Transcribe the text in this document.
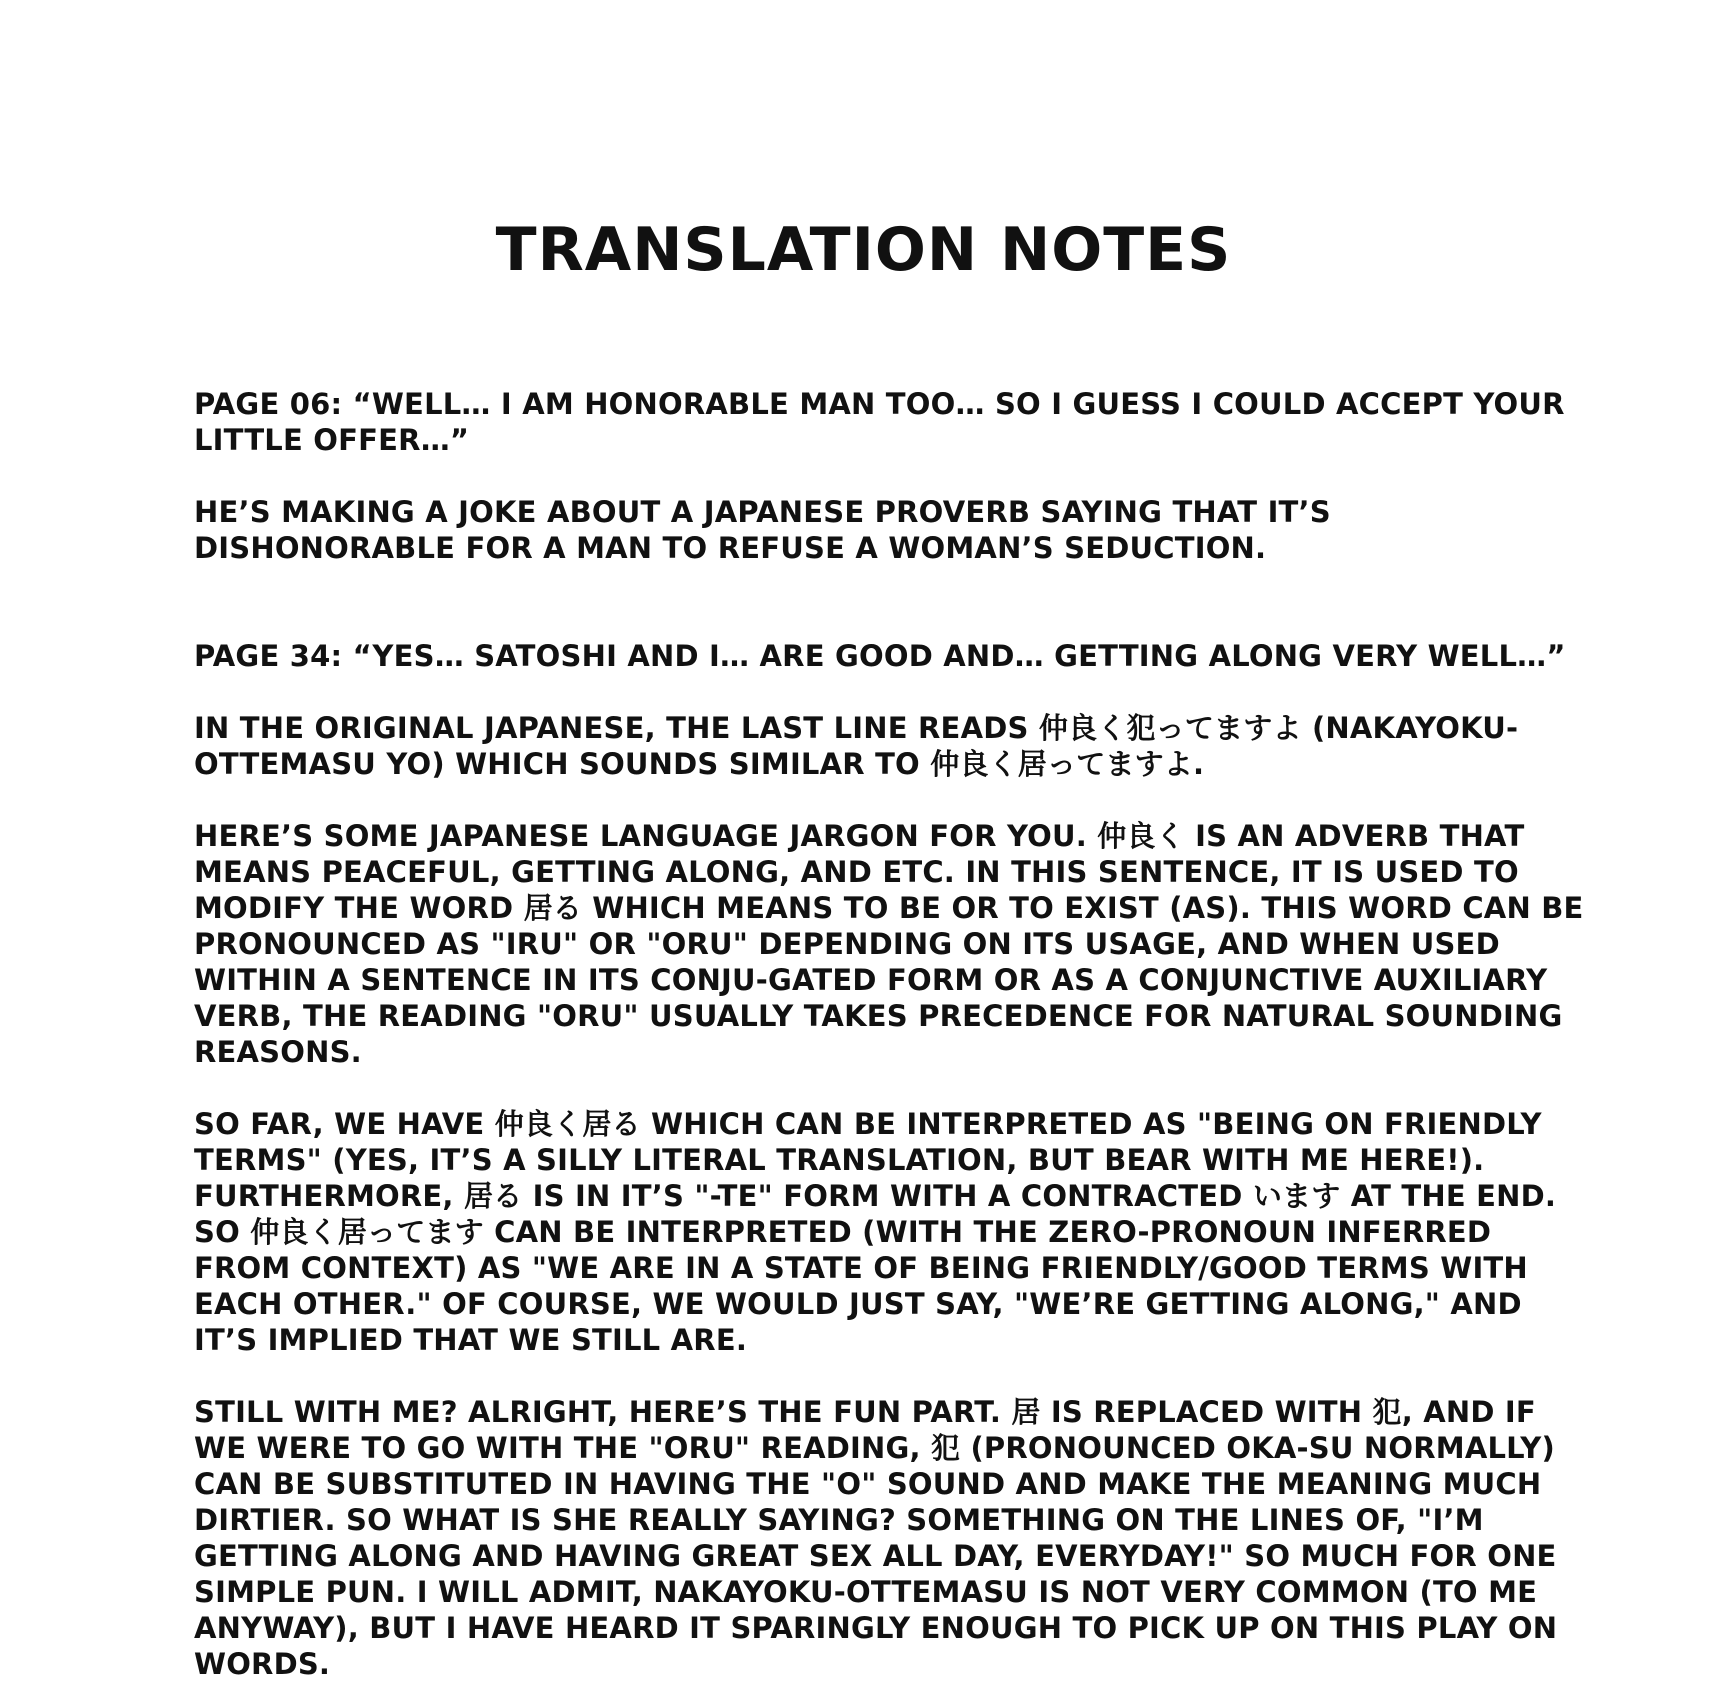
TRANSLATION NOTES

PAGE 06: “WELL… I AM HONORABLE MAN TOO… SO I GUESS I COULD ACCEPT YOUR LITTLE OFFER…”

HE’S MAKING A JOKE ABOUT A JAPANESE PROVERB SAYING THAT IT’S DISHONORABLE FOR A MAN TO REFUSE A WOMAN’S SEDUCTION.

PAGE 34: “YES… SATOSHI AND I… ARE GOOD AND… GETTING ALONG VERY WELL…”

IN THE ORIGINAL JAPANESE, THE LAST LINE READS 仲良く犯ってますよ (NAKAYOKU-OTTEMASU YO) WHICH SOUNDS SIMILAR TO 仲良く居ってますよ.

HERE’S SOME JAPANESE LANGUAGE JARGON FOR YOU. 仲良く IS AN ADVERB THAT MEANS PEACEFUL, GETTING ALONG, AND ETC. IN THIS SENTENCE, IT IS USED TO MODIFY THE WORD 居る WHICH MEANS TO BE OR TO EXIST (AS). THIS WORD CAN BE PRONOUNCED AS "IRU" OR "ORU" DEPENDING ON ITS USAGE, AND WHEN USED WITHIN A SENTENCE IN ITS CONJU-GATED FORM OR AS A CONJUNCTIVE AUXILIARY VERB, THE READING "ORU" USUALLY TAKES PRECEDENCE FOR NATURAL SOUNDING REASONS.

SO FAR, WE HAVE 仲良く居る WHICH CAN BE INTERPRETED AS "BEING ON FRIENDLY TERMS" (YES, IT’S A SILLY LITERAL TRANSLATION, BUT BEAR WITH ME HERE!). FURTHERMORE, 居る IS IN IT’S "-TE" FORM WITH A CONTRACTED います AT THE END. SO 仲良く居ってます CAN BE INTERPRETED (WITH THE ZERO-PRONOUN INFERRED FROM CONTEXT) AS "WE ARE IN A STATE OF BEING FRIENDLY/GOOD TERMS WITH EACH OTHER." OF COURSE, WE WOULD JUST SAY, "WE’RE GETTING ALONG," AND IT’S IMPLIED THAT WE STILL ARE.

STILL WITH ME? ALRIGHT, HERE’S THE FUN PART. 居 IS REPLACED WITH 犯, AND IF WE WERE TO GO WITH THE "ORU" READING, 犯 (PRONOUNCED OKA-SU NORMALLY) CAN BE SUBSTITUTED IN HAVING THE "O" SOUND AND MAKE THE MEANING MUCH DIRTIER. SO WHAT IS SHE REALLY SAYING? SOMETHING ON THE LINES OF, "I’M GETTING ALONG AND HAVING GREAT SEX ALL DAY, EVERYDAY!" SO MUCH FOR ONE SIMPLE PUN. I WILL ADMIT, NAKAYOKU-OTTEMASU IS NOT VERY COMMON (TO ME ANYWAY), BUT I HAVE HEARD IT SPARINGLY ENOUGH TO PICK UP ON THIS PLAY ON WORDS.
